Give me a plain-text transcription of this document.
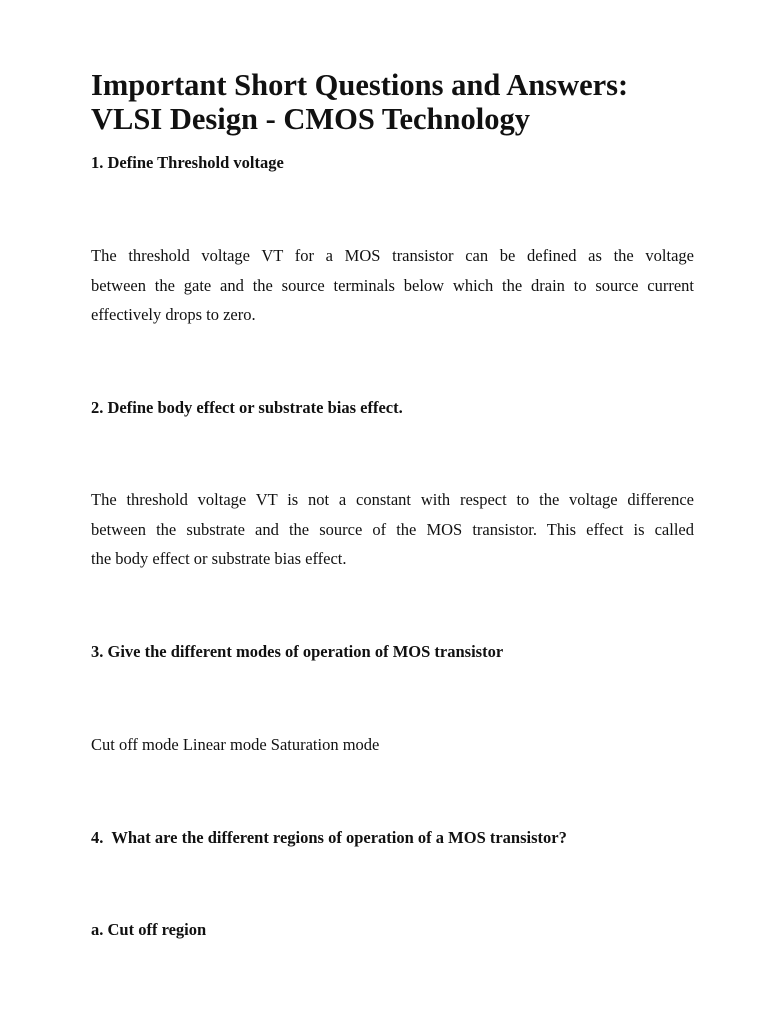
Important Short Questions and Answers:
VLSI Design - CMOS Technology

1. Define Threshold voltage

The threshold voltage VT for a MOS transistor can be defined as the voltage
between the gate and the source terminals below which the drain to source current
effectively drops to zero.

2. Define body effect or substrate bias effect.

The threshold voltage VT is not a constant with respect to the voltage difference
between the substrate and the source of the MOS transistor. This effect is called
the body effect or substrate bias effect.

3. Give the different modes of operation of MOS transistor

Cut off mode Linear mode Saturation mode

4.  What are the different regions of operation of a MOS transistor?

a. Cut off region
